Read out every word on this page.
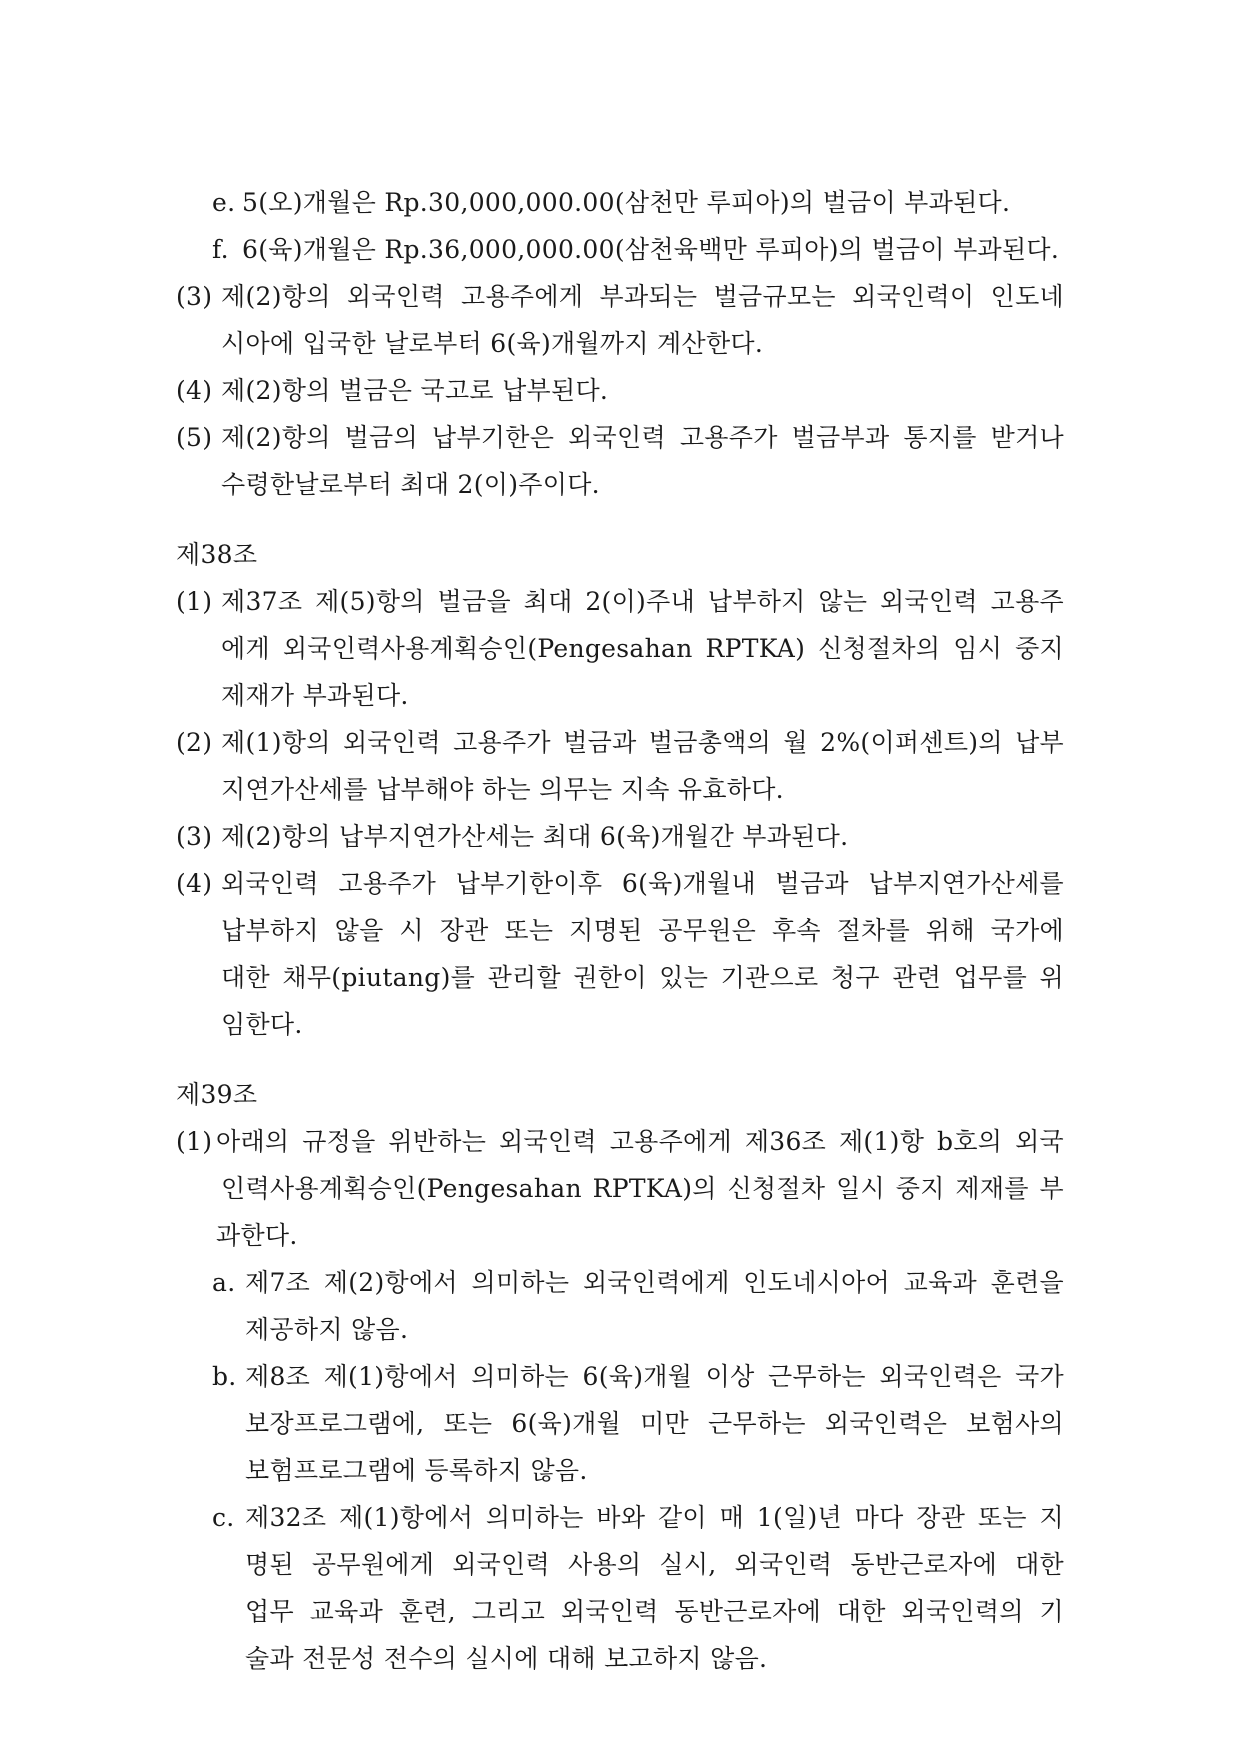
e. 5(오)개월은 Rp.30,000,000.00(삼천만 루피아)의 벌금이 부과된다.
f. 6(육)개월은 Rp.36,000,000.00(삼천육백만 루피아)의 벌금이 부과된다.
(3) 제(2)항의 외국인력 고용주에게 부과되는 벌금규모는 외국인력이 인도네
시아에 입국한 날로부터 6(육)개월까지 계산한다.
(4) 제(2)항의 벌금은 국고로 납부된다.
(5) 제(2)항의 벌금의 납부기한은 외국인력 고용주가 벌금부과 통지를 받거나
수령한날로부터 최대 2(이)주이다.
제38조
(1) 제37조 제(5)항의 벌금을 최대 2(이)주내 납부하지 않는 외국인력 고용주
에게 외국인력사용계획승인(Pengesahan RPTKA) 신청절차의 임시 중지
제재가 부과된다.
(2) 제(1)항의 외국인력 고용주가 벌금과 벌금총액의 월 2%(이퍼센트)의 납부
지연가산세를 납부해야 하는 의무는 지속 유효하다.
(3) 제(2)항의 납부지연가산세는 최대 6(육)개월간 부과된다.
(4) 외국인력 고용주가 납부기한이후 6(육)개월내 벌금과 납부지연가산세를
납부하지 않을 시 장관 또는 지명된 공무원은 후속 절차를 위해 국가에
대한 채무(piutang)를 관리할 권한이 있는 기관으로 청구 관련 업무를 위
임한다.
제39조
(1) 아래의 규정을 위반하는 외국인력 고용주에게 제36조 제(1)항 b호의 외국
인력사용계획승인(Pengesahan RPTKA)의 신청절차 일시 중지 제재를 부
과한다.
a. 제7조 제(2)항에서 의미하는 외국인력에게 인도네시아어 교육과 훈련을
제공하지 않음.
b. 제8조 제(1)항에서 의미하는 6(육)개월 이상 근무하는 외국인력은 국가
보장프로그램에, 또는 6(육)개월 미만 근무하는 외국인력은 보험사의
보험프로그램에 등록하지 않음.
c. 제32조 제(1)항에서 의미하는 바와 같이 매 1(일)년 마다 장관 또는 지
명된 공무원에게 외국인력 사용의 실시, 외국인력 동반근로자에 대한
업무 교육과 훈련, 그리고 외국인력 동반근로자에 대한 외국인력의 기
술과 전문성 전수의 실시에 대해 보고하지 않음.
